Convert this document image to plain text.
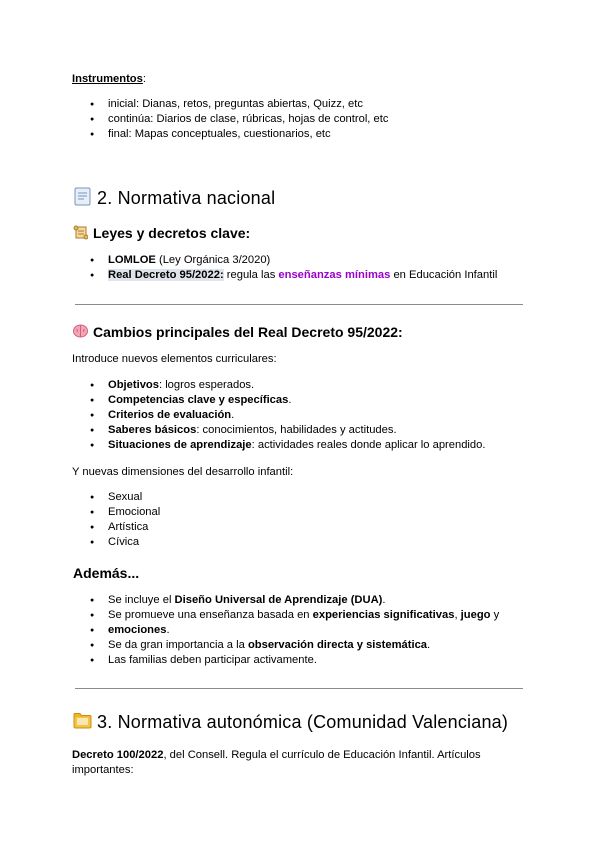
Instrumentos:
● inicial: Dianas, retos, preguntas abiertas, Quizz, etc
● continúa: Diarios de clase, rúbricas, hojas de control, etc
● final: Mapas conceptuales, cuestionarios, etc
2. Normativa nacional
Leyes y decretos clave:
● LOMLOE (Ley Orgánica 3/2020)
● Real Decreto 95/2022: regula las enseñanzas mínimas en Educación Infantil
Cambios principales del Real Decreto 95/2022:
Introduce nuevos elementos curriculares:
● Objetivos: logros esperados.
● Competencias clave y específicas.
● Criterios de evaluación.
● Saberes básicos: conocimientos, habilidades y actitudes.
● Situaciones de aprendizaje: actividades reales donde aplicar lo aprendido.
Y nuevas dimensiones del desarrollo infantil:
● Sexual
● Emocional
● Artística
● Cívica
Además...
● Se incluye el Diseño Universal de Aprendizaje (DUA).
● Se promueve una enseñanza basada en experiencias significativas, juego y
● emociones.
● Se da gran importancia a la observación directa y sistemática.
● Las familias deben participar activamente.
3. Normativa autonómica (Comunidad Valenciana)
Decreto 100/2022, del Consell. Regula el currículo de Educación Infantil. Artículos
importantes:
